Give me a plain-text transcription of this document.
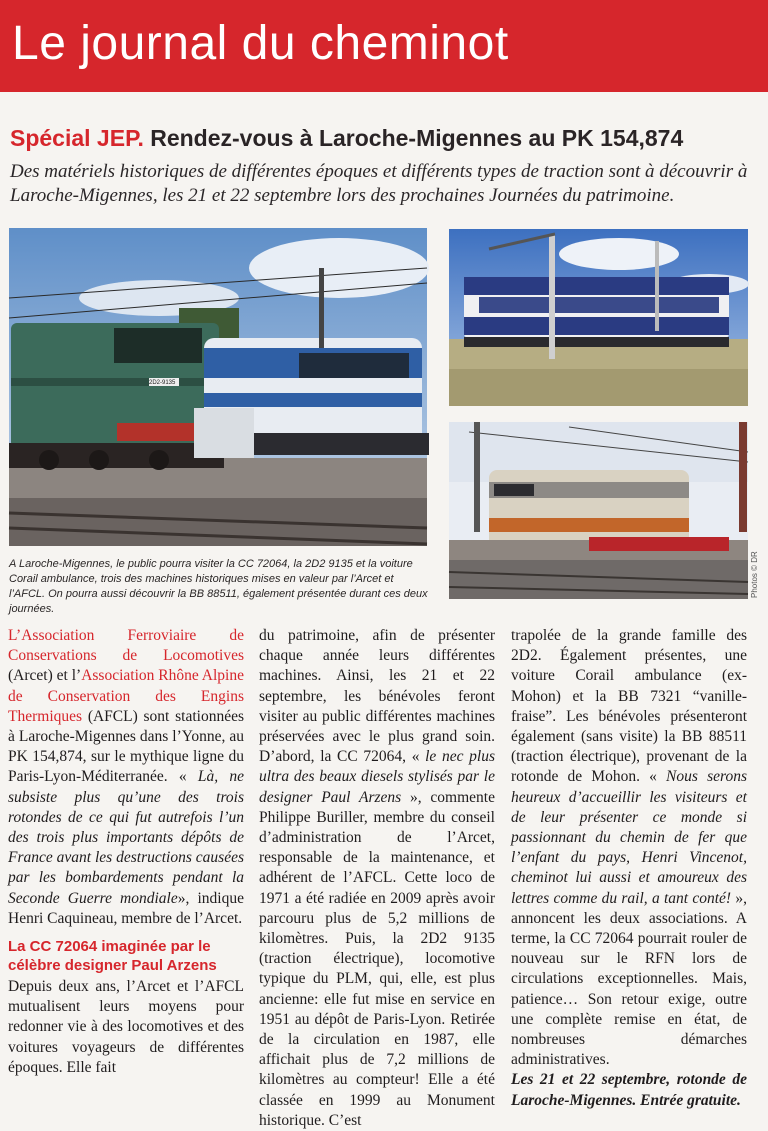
Le journal du cheminot
Spécial JEP. Rendez-vous à Laroche-Migennes au PK 154,874
Des matériels historiques de différentes époques et différents types de traction sont à découvrir à Laroche-Migennes, les 21 et 22 septembre lors des prochaines Journées du patrimoine.
2D2-9135
A Laroche-Migennes, le public pourra visiter la CC 72064, la 2D2 9135 et la voiture Corail ambulance, trois des machines historiques mises en valeur par l’Arcet et l’AFCL. On pourra aussi découvrir la BB 88511, également présentée durant ces deux journées.
Photos © DR

L’Association Ferroviaire de Conservations de Locomotives (Arcet) et l’Association Rhône Alpine de Conservation des Engins Thermiques (AFCL) sont stationnées à Laroche-Migennes dans l’Yonne, au PK 154,874, sur le mythique ligne du Paris-Lyon-Méditerranée. « Là, ne subsiste plus qu’une des trois rotondes de ce qui fut autrefois l’un des trois plus importants dépôts de France avant les destructions causées par les bombardements pendant la Seconde Guerre mondiale», indique Henri Caquineau, membre de l’Arcet.

La CC 72064 imaginée par le célèbre designer Paul Arzens

Depuis deux ans, l’Arcet et l’AFCL mutualisent leurs moyens pour redonner vie à des locomotives et des voitures voyageurs de différentes époques. Elle fait

du patrimoine, afin de présenter chaque année leurs différentes machines. Ainsi, les 21 et 22 septembre, les bénévoles feront visiter au public différentes machines préservées avec le plus grand soin. D’abord, la CC 72064, « le nec plus ultra des beaux diesels stylisés par le designer Paul Arzens », commente Philippe Buriller, membre du conseil d’administration de l’Arcet, responsable de la maintenance, et adhérent de l’AFCL. Cette loco de 1971 a été radiée en 2009 après avoir parcouru plus de 5,2 millions de kilomètres. Puis, la 2D2 9135 (traction électrique), locomotive typique du PLM, qui, elle, est plus ancienne: elle fut mise en service en 1951 au dépôt de Paris-Lyon. Retirée de la circulation en 1987, elle affichait plus de 7,2 millions de kilomètres au compteur! Elle a été classée en 1999 au Monument historique. C’est

trapolée de la grande famille des 2D2. Également présentes, une voiture Corail ambulance (ex-Mohon) et la BB 7321 “vanille-fraise”. Les bénévoles présenteront également (sans visite) la BB 88511 (traction électrique), provenant de la rotonde de Mohon. « Nous serons heureux d’accueillir les visiteurs et de leur présenter ce monde si passionnant du chemin de fer que l’enfant du pays, Henri Vincenot, cheminot lui aussi et amoureux des lettres comme du rail, a tant conté! », annoncent les deux associations. A terme, la CC 72064 pourrait rouler de nouveau sur le RFN lors de circulations exceptionnelles. Mais, patience… Son retour exige, outre une complète remise en état, de nombreuses démarches administratives.

Les 21 et 22 septembre, rotonde de Laroche-Migennes. Entrée gratuite.
